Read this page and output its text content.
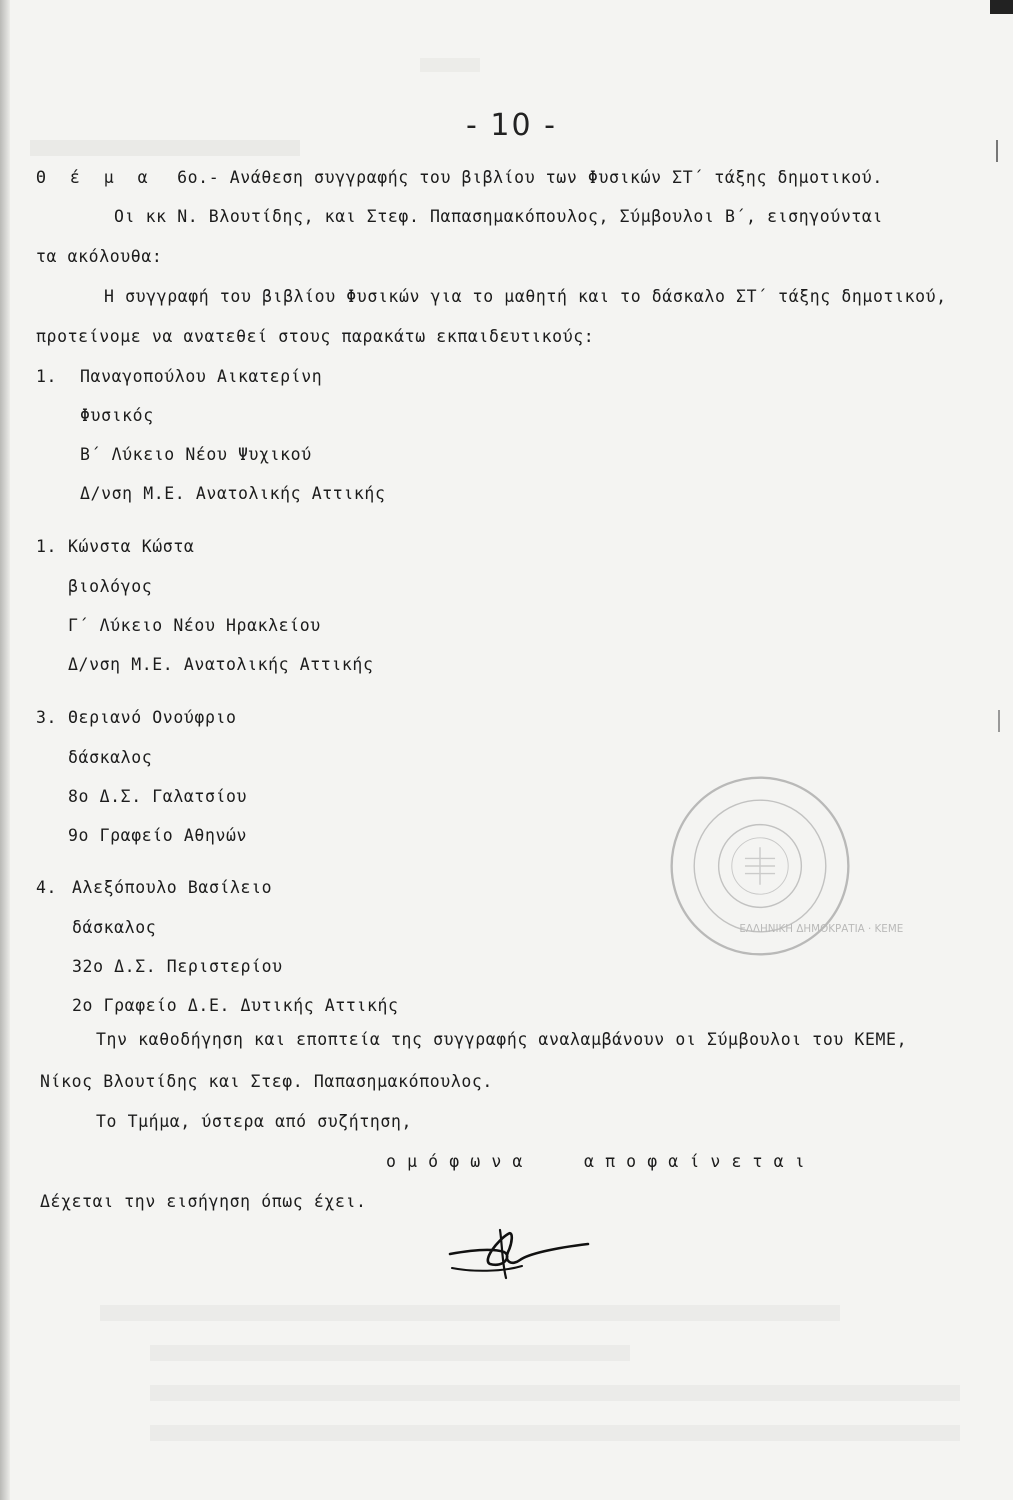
- 10 -
Θ έ μ α 6ο.- Ανάθεση συγγραφής του βιβλίου των Φυσικών ΣΤ΄ τάξης δημοτικού.
Οι κκ Ν. Βλουτίδης, και Στεφ. Παπασημακόπουλος, Σύμβουλοι Β΄, εισηγούνται
τα ακόλουθα:
Η συγγραφή του βιβλίου Φυσικών για το μαθητή και το δάσκαλο ΣΤ΄ τάξης δημοτικού,
προτείνομε να ανατεθεί στους παρακάτω εκπαιδευτικούς:
1. Παναγοπούλου Αικατερίνη
Φυσικός
Β΄ Λύκειο Νέου Ψυχικού
Δ/νση Μ.Ε. Ανατολικής Αττικής
1. Κώνστα Κώστα
βιολόγος
Γ΄ Λύκειο Νέου Ηρακλείου
Δ/νση Μ.Ε. Ανατολικής Αττικής
3. Θεριανό Ονούφριο
δάσκαλος
8ο Δ.Σ. Γαλατσίου
9ο Γραφείο Αθηνών
4. Αλεξόπουλο Βασίλειο
δάσκαλος
32ο Δ.Σ. Περιστερίου
2ο Γραφείο Δ.Ε. Δυτικής Αττικής
Την καθοδήγηση και εποπτεία της συγγραφής αναλαμβάνουν οι Σύμβουλοι του ΚΕΜΕ,
Νίκος Βλουτίδης και Στεφ. Παπασημακόπουλος.
Το Τμήμα, ύστερα από συζήτηση,
ο μ ό φ ω ν α	α π ο φ α ί ν ε τ α ι
Δέχεται την εισήγηση όπως έχει.
ΕΛΛΗΝΙΚΗ ΔΗΜΟΚΡΑΤΙΑ · ΚΕΜΕ
